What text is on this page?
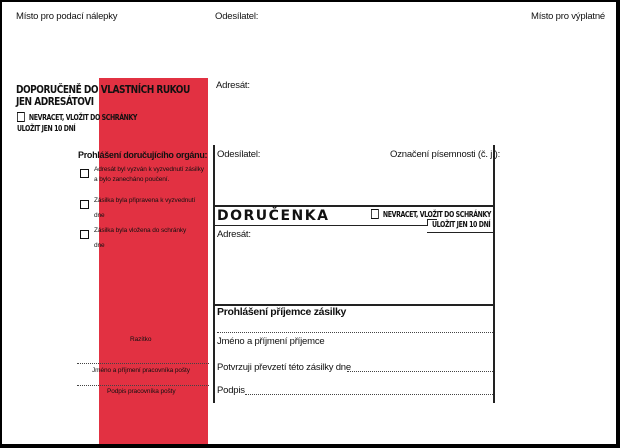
Místo pro podací nálepky	Odesílatel:	Místo pro výplatné
DOPORUČENĚ DO VLASTNÍCH RUKOU
JEN ADRESÁTOVI
NEVRACET, VLOŽIT DO SCHRÁNKY
ULOŽIT JEN 10 DNÍ
Prohlášení doručujícího orgánu:
Adresát byl vyzván k vyzvednutí zásilky
a bylo zanecháno poučení.
Zásilka byla připravena k vyzvednutí
dne
Zásilka byla vložena do schránky
dne
Razítko
Jméno a příjmení pracovníka pošty
Podpis pracovníka pošty
Adresát:
Odesílatel:	Označení písemnosti (č. j.):
DORUČENKA	NEVRACET, VLOŽIT DO SCHRÁNKY
ULOŽIT JEN 10 DNÍ
Adresát:
Prohlášení příjemce zásilky
Jméno a příjmení příjemce
Potvrzuji převzetí této zásilky dne
Podpis
